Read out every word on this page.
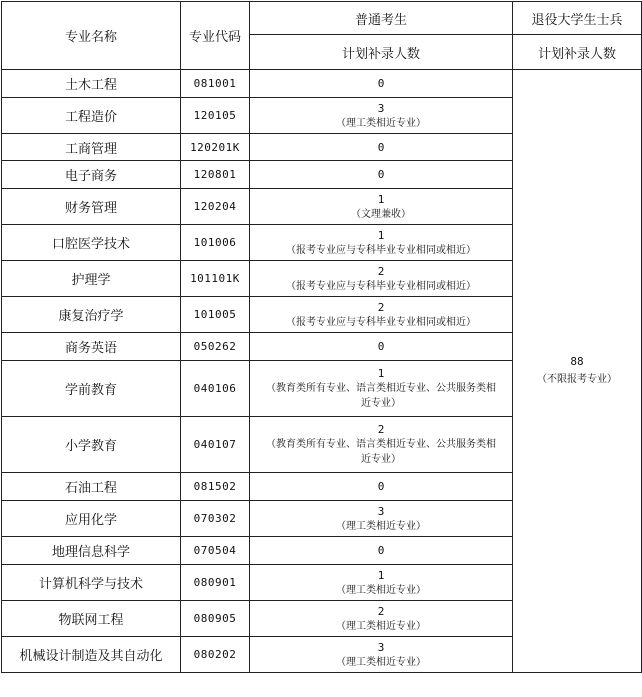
专业名称	专业代码	普通考生	退役大学生士兵
		计划补录人数	计划补录人数
土木工程	081001	0	88
（不限报考专业）

工程造价	120105	3
（理工类相近专业）	

工商管理	120201K	0	

电子商务	120801	0	

财务管理	120204	1
（文理兼收）	

口腔医学技术	101006	1
（报考专业应与专科毕业专业相同或相近）	

护理学	101101K	2
（报考专业应与专科毕业专业相同或相近）	

康复治疗学	101005	2
（报考专业应与专科毕业专业相同或相近）	

商务英语	050262	0	

学前教育	040106	1
（教育类所有专业、语言类相近专业、公共服务类相近专业）	

小学教育	040107	2
（教育类所有专业、语言类相近专业、公共服务类相近专业）	

石油工程	081502	0	

应用化学	070302	3
（理工类相近专业）	

地理信息科学	070504	0	

计算机科学与技术	080901	1
（理工类相近专业）	

物联网工程	080905	2
（理工类相近专业）	

机械设计制造及其自动化	080202	3
（理工类相近专业）	
